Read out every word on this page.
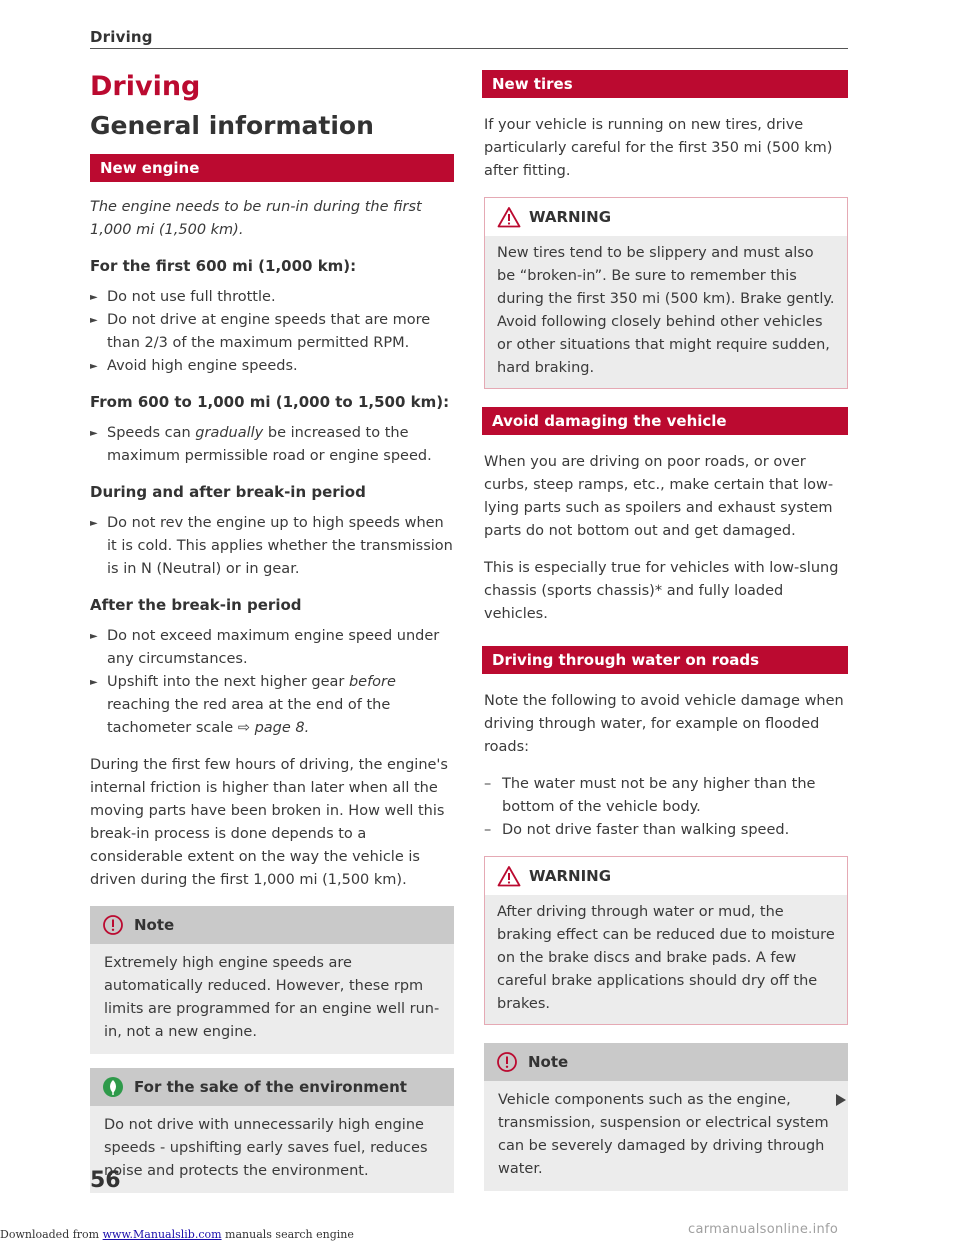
Driving
Driving
General information
New engine

The engine needs to be run-in during the first 1,000 mi (1,500 km).

For the first 600 mi (1,000 km):
► Do not use full throttle.
► Do not drive at engine speeds that are more than 2/3 of the maximum permitted RPM.
► Avoid high engine speeds.
From 600 to 1,000 mi (1,000 to 1,500 km):
► Speeds can gradually be increased to the maximum permissible road or engine speed.
During and after break-in period
► Do not rev the engine up to high speeds when it is cold. This applies whether the transmission is in N (Neutral) or in gear.
After the break-in period
► Do not exceed maximum engine speed under any circumstances.
► Upshift into the next higher gear before reaching the red area at the end of the tachometer scale ⇨ page 8.

During the first few hours of driving, the engine's internal friction is higher than later when all the moving parts have been broken in. How well this break-in process is done depends to a considerable extent on the way the vehicle is driven during the first 1,000 mi (1,500 km).

Note
Extremely high engine speeds are automatically reduced. However, these rpm limits are programmed for an engine well run-in, not a new engine.
For the sake of the environment
Do not drive with unnecessarily high engine speeds - upshifting early saves fuel, reduces noise and protects the environment.
New tires

If your vehicle is running on new tires, drive particularly careful for the first 350 mi (500 km) after fitting.

WARNING
New tires tend to be slippery and must also be “broken-in”. Be sure to remember this during the first 350 mi (500 km). Brake gently. Avoid following closely behind other vehicles or other situations that might require sudden, hard braking.
Avoid damaging the vehicle

When you are driving on poor roads, or over curbs, steep ramps, etc., make certain that low-lying parts such as spoilers and exhaust system parts do not bottom out and get damaged.

This is especially true for vehicles with low-slung chassis (sports chassis)* and fully loaded vehicles.

Driving through water on roads

Note the following to avoid vehicle damage when driving through water, for example on flooded roads:

– The water must not be any higher than the bottom of the vehicle body.
– Do not drive faster than walking speed.
WARNING
After driving through water or mud, the braking effect can be reduced due to moisture on the brake discs and brake pads. A few careful brake applications should dry off the brakes.
Note
Vehicle components such as the engine, transmission, suspension or electrical system can be severely damaged by driving through water.
56
Downloaded from www.Manualslib.com manuals search engine	carmanualsonline.info
